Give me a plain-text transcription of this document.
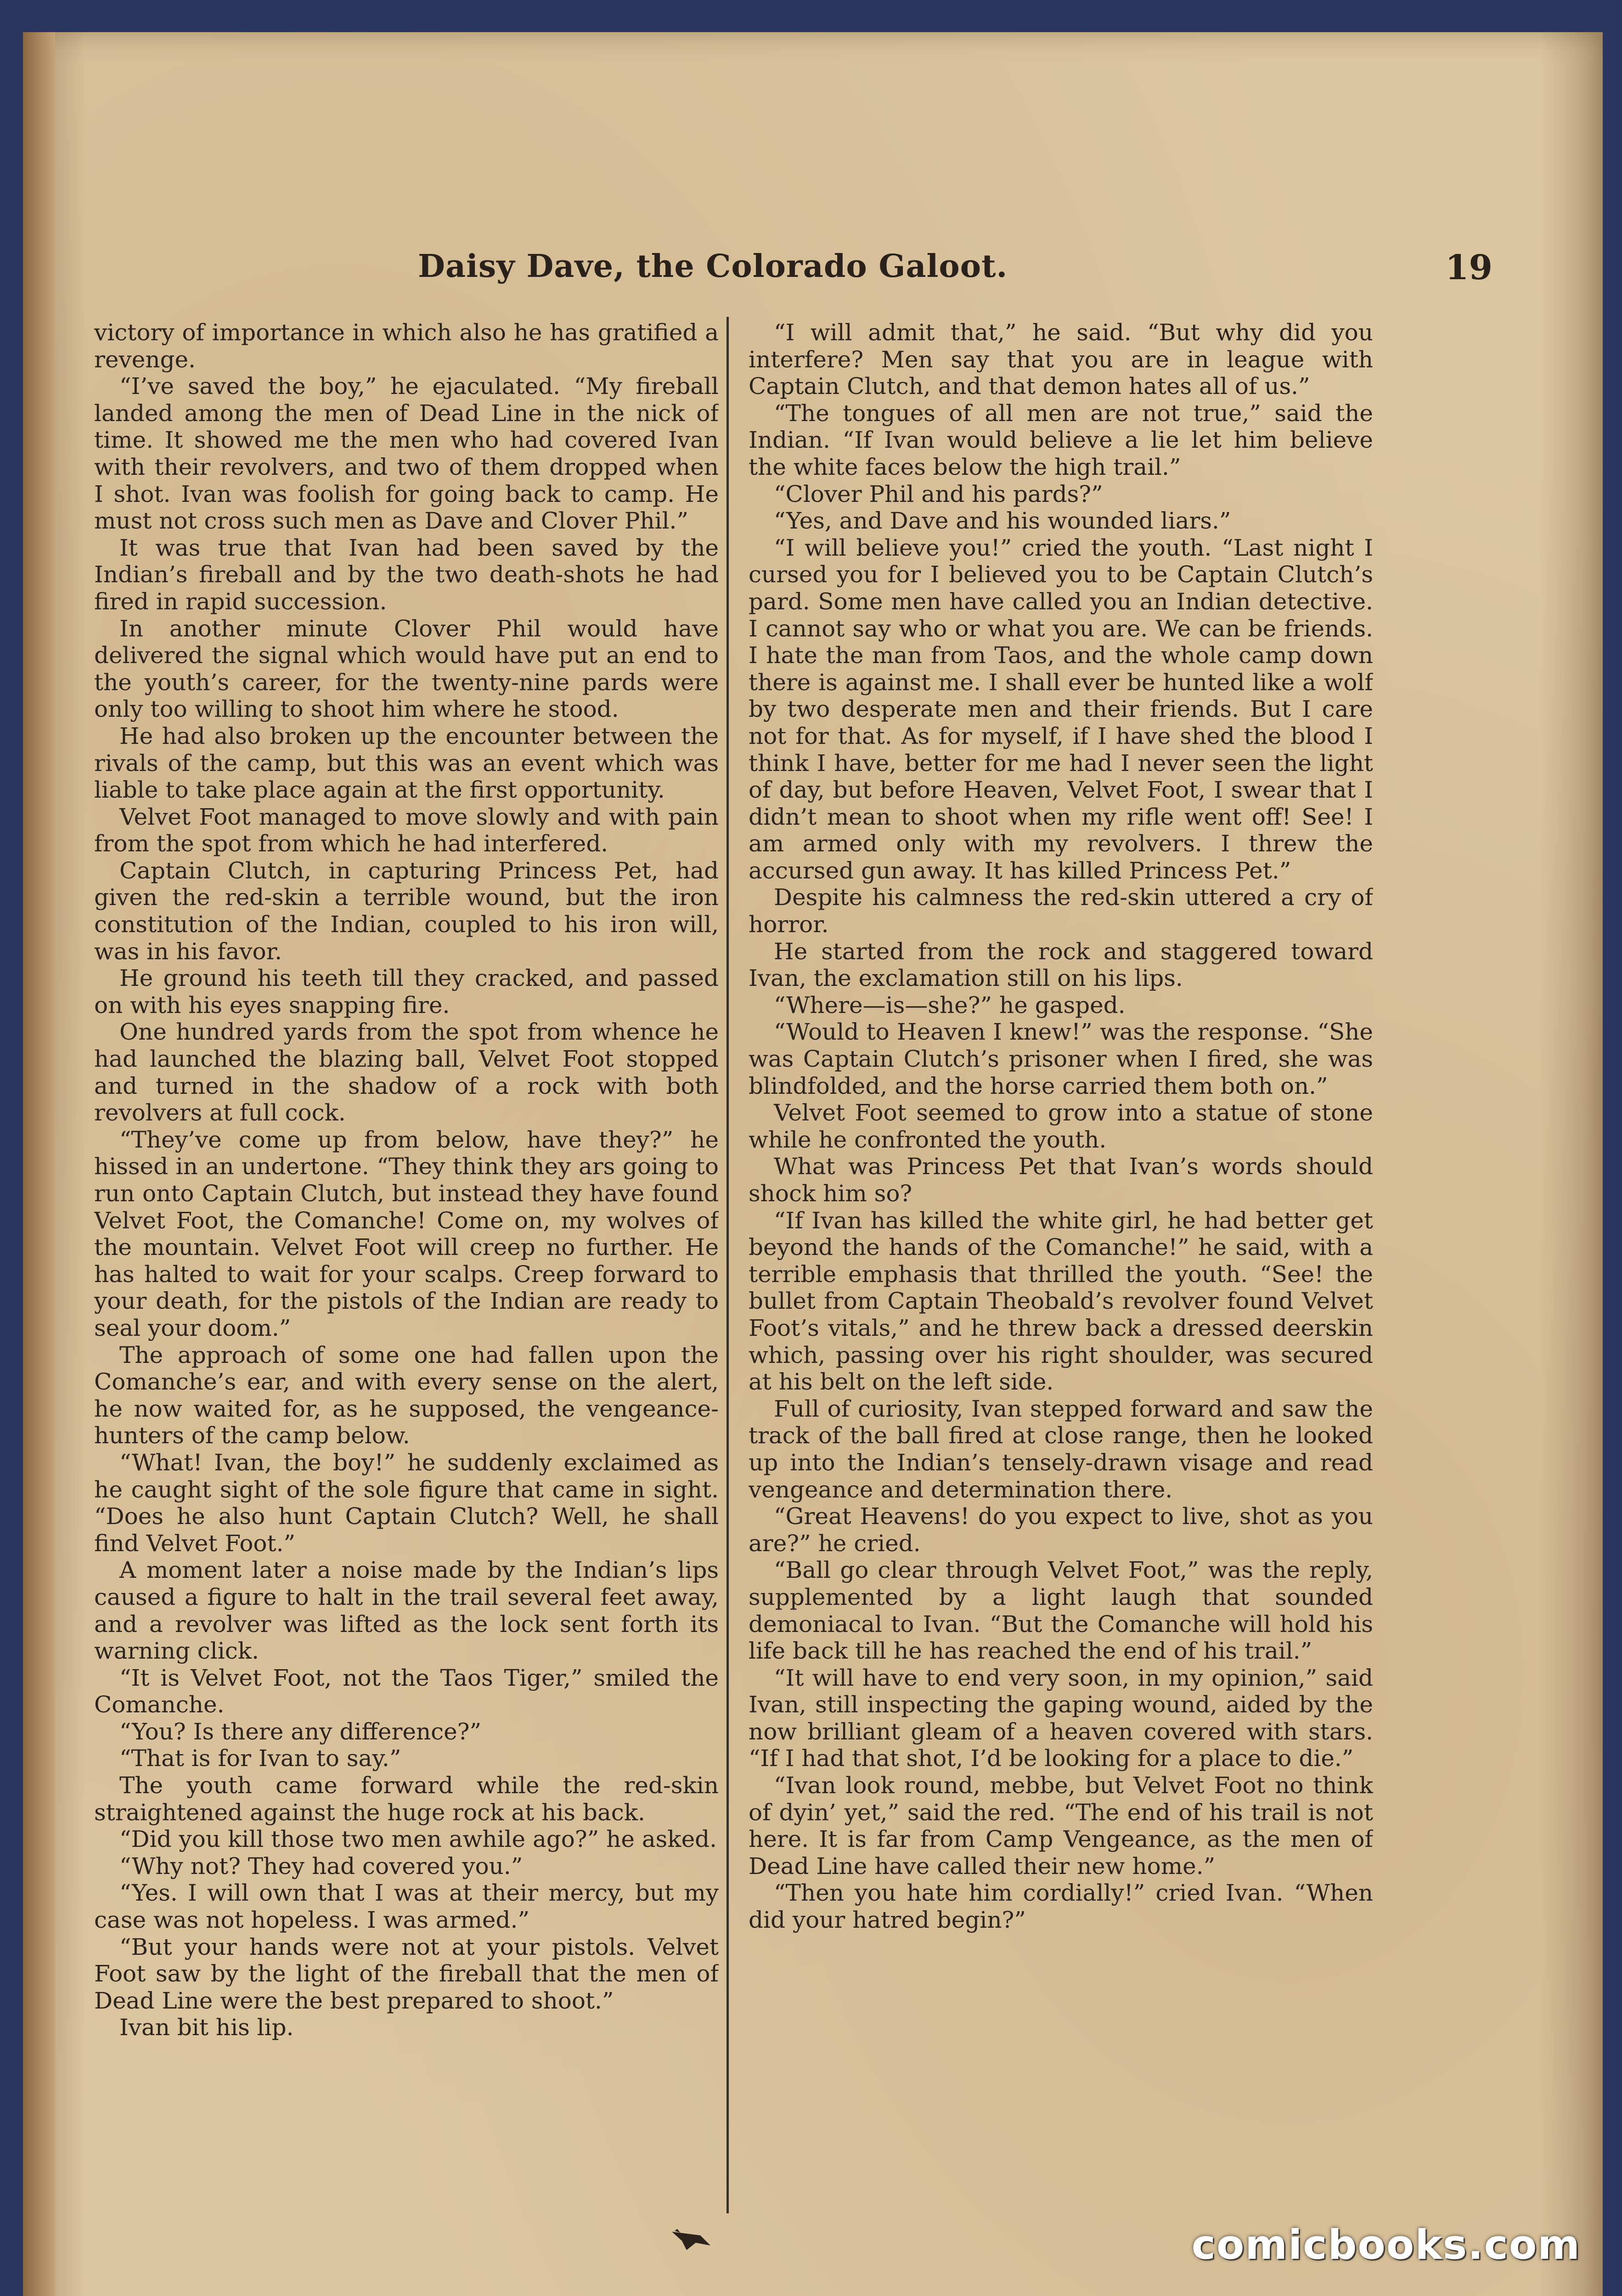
Daisy Dave, the Colorado Galoot.	19

victory of importance in which also he has gratified a revenge.

“I’ve saved the boy,” he ejaculated. “My fireball landed among the men of Dead Line in the nick of time. It showed me the men who had covered Ivan with their revolvers, and two of them dropped when I shot. Ivan was foolish for going back to camp. He must not cross such men as Dave and Clover Phil.”

It was true that Ivan had been saved by the Indian’s fireball and by the two death-shots he had fired in rapid succession.

In another minute Clover Phil would have delivered the signal which would have put an end to the youth’s career, for the twenty-nine pards were only too willing to shoot him where he stood.

He had also broken up the encounter between the rivals of the camp, but this was an event which was liable to take place again at the first opportunity.

Velvet Foot managed to move slowly and with pain from the spot from which he had interfered.

Captain Clutch, in capturing Princess Pet, had given the red-skin a terrible wound, but the iron constitution of the Indian, coupled to his iron will, was in his favor.

He ground his teeth till they cracked, and passed on with his eyes snapping fire.

One hundred yards from the spot from whence he had launched the blazing ball, Velvet Foot stopped and turned in the shadow of a rock with both revolvers at full cock.

“They’ve come up from below, have they?” he hissed in an undertone. “They think they ars going to run onto Captain Clutch, but instead they have found Velvet Foot, the Comanche! Come on, my wolves of the mountain. Velvet Foot will creep no further. He has halted to wait for your scalps. Creep forward to your death, for the pistols of the Indian are ready to seal your doom.”

The approach of some one had fallen upon the Comanche’s ear, and with every sense on the alert, he now waited for, as he supposed, the vengeance-hunters of the camp below.

“What! Ivan, the boy!” he suddenly exclaimed as he caught sight of the sole figure that came in sight. “Does he also hunt Captain Clutch? Well, he shall find Velvet Foot.”

A moment later a noise made by the Indian’s lips caused a figure to halt in the trail several feet away, and a revolver was lifted as the lock sent forth its warning click.

“It is Velvet Foot, not the Taos Tiger,” smiled the Comanche.

“You? Is there any difference?”

“That is for Ivan to say.”

The youth came forward while the red-skin straightened against the huge rock at his back.

“Did you kill those two men awhile ago?” he asked.

“Why not? They had covered you.”

“Yes. I will own that I was at their mercy, but my case was not hopeless. I was armed.”

“But your hands were not at your pistols. Velvet Foot saw by the light of the fireball that the men of Dead Line were the best prepared to shoot.”

Ivan bit his lip.

“I will admit that,” he said. “But why did you interfere? Men say that you are in league with Captain Clutch, and that demon hates all of us.”

“The tongues of all men are not true,” said the Indian. “If Ivan would believe a lie let him believe the white faces below the high trail.”

“Clover Phil and his pards?”

“Yes, and Dave and his wounded liars.”

“I will believe you!” cried the youth. “Last night I cursed you for I believed you to be Captain Clutch’s pard. Some men have called you an Indian detective. I cannot say who or what you are. We can be friends. I hate the man from Taos, and the whole camp down there is against me. I shall ever be hunted like a wolf by two desperate men and their friends. But I care not for that. As for myself, if I have shed the blood I think I have, better for me had I never seen the light of day, but before Heaven, Velvet Foot, I swear that I didn’t mean to shoot when my rifle went off! See! I am armed only with my revolvers. I threw the accursed gun away. It has killed Princess Pet.”

Despite his calmness the red-skin uttered a cry of horror.

He started from the rock and staggered toward Ivan, the exclamation still on his lips.

“Where—is—she?” he gasped.

“Would to Heaven I knew!” was the response. “She was Captain Clutch’s prisoner when I fired, she was blindfolded, and the horse carried them both on.”

Velvet Foot seemed to grow into a statue of stone while he confronted the youth.

What was Princess Pet that Ivan’s words should shock him so?

“If Ivan has killed the white girl, he had better get beyond the hands of the Comanche!” he said, with a terrible emphasis that thrilled the youth. “See! the bullet from Captain Theobald’s revolver found Velvet Foot’s vitals,” and he threw back a dressed deerskin which, passing over his right shoulder, was secured at his belt on the left side.

Full of curiosity, Ivan stepped forward and saw the track of the ball fired at close range, then he looked up into the Indian’s tensely-drawn visage and read vengeance and determination there.

“Great Heavens! do you expect to live, shot as you are?” he cried.

“Ball go clear through Velvet Foot,” was the reply, supplemented by a light laugh that sounded demoniacal to Ivan. “But the Comanche will hold his life back till he has reached the end of his trail.”

“It will have to end very soon, in my opinion,” said Ivan, still inspecting the gaping wound, aided by the now brilliant gleam of a heaven covered with stars. “If I had that shot, I’d be looking for a place to die.”

“Ivan look round, mebbe, but Velvet Foot no think of dyin’ yet,” said the red. “The end of his trail is not here. It is far from Camp Vengeance, as the men of Dead Line have called their new home.”

“Then you hate him cordially!” cried Ivan. “When did your hatred begin?”

comicbooks.com
